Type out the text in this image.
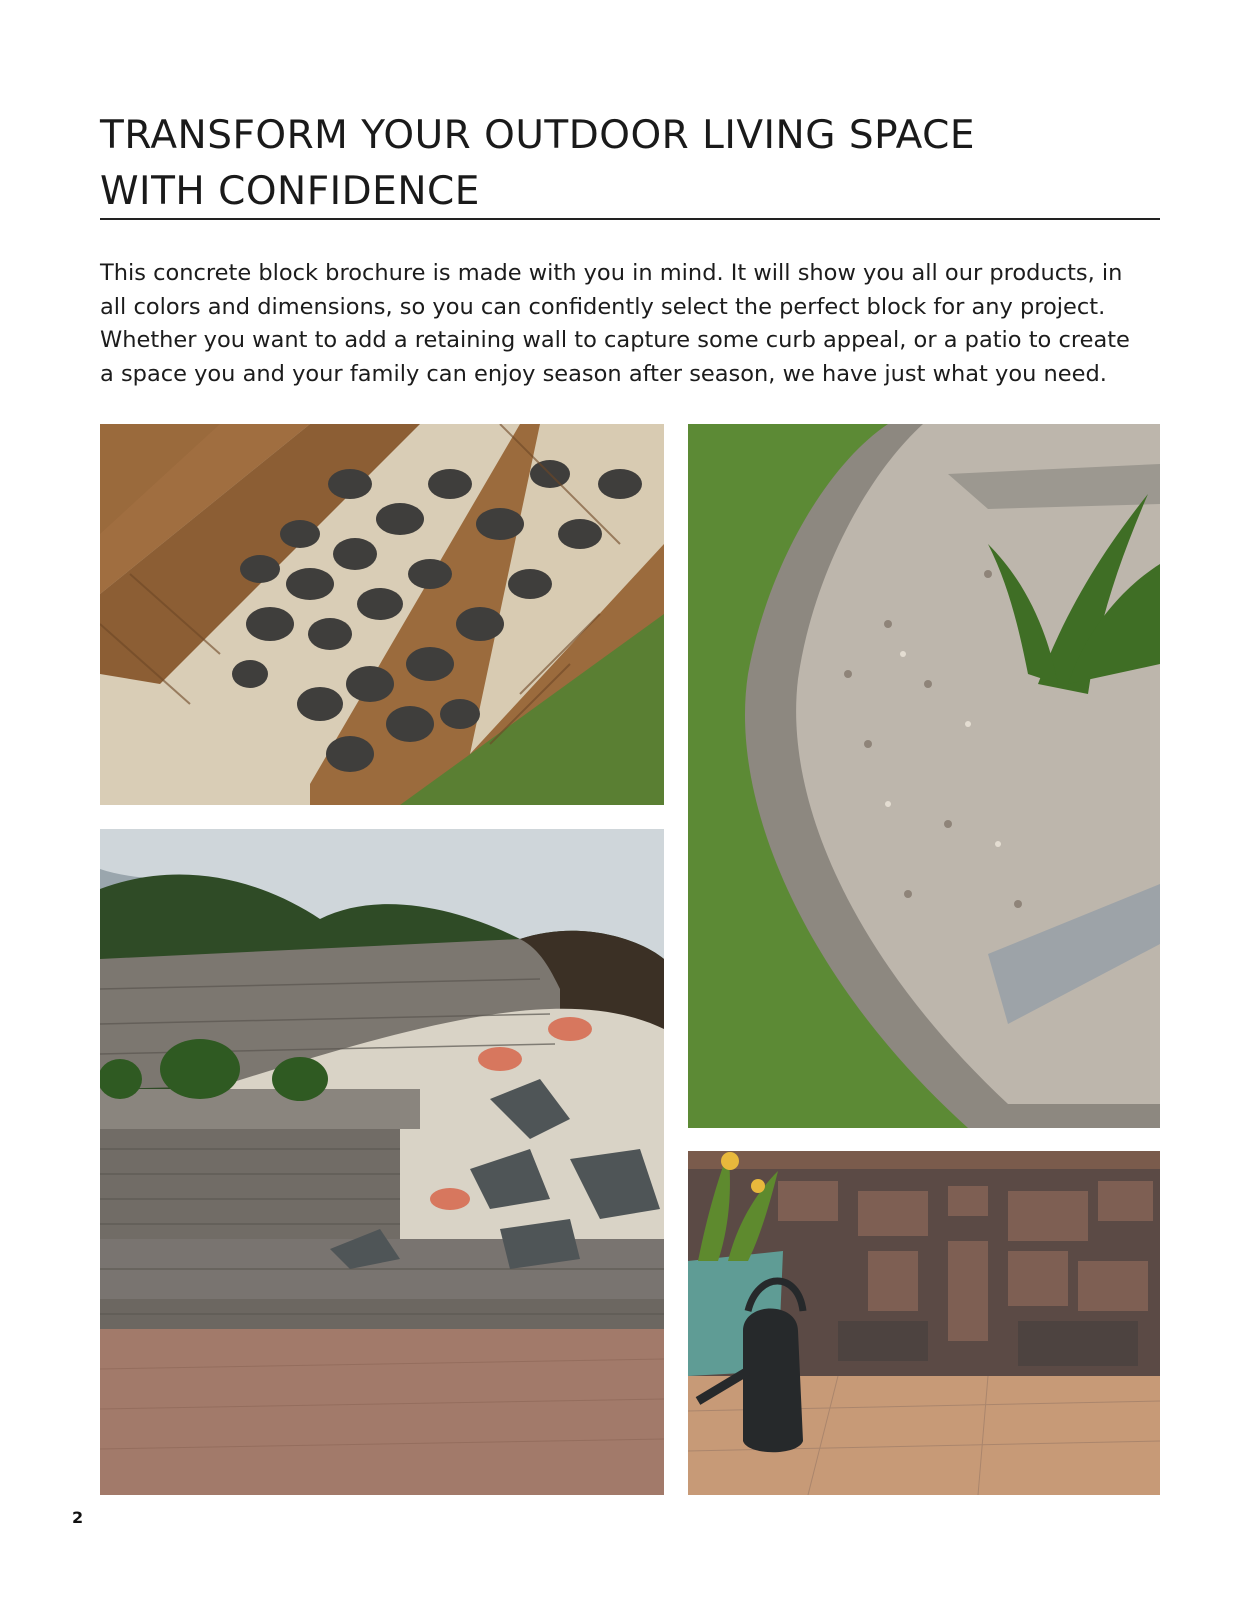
TRANSFORM YOUR OUTDOOR LIVING SPACE
WITH CONFIDENCE

This concrete block brochure is made with you in mind. It will show you all our products, in
all colors and dimensions, so you can confidently select the perfect block for any project.
Whether you want to add a retaining wall to capture some curb appeal, or a patio to create
a space you and your family can enjoy season after season, we have just what you need.

2
